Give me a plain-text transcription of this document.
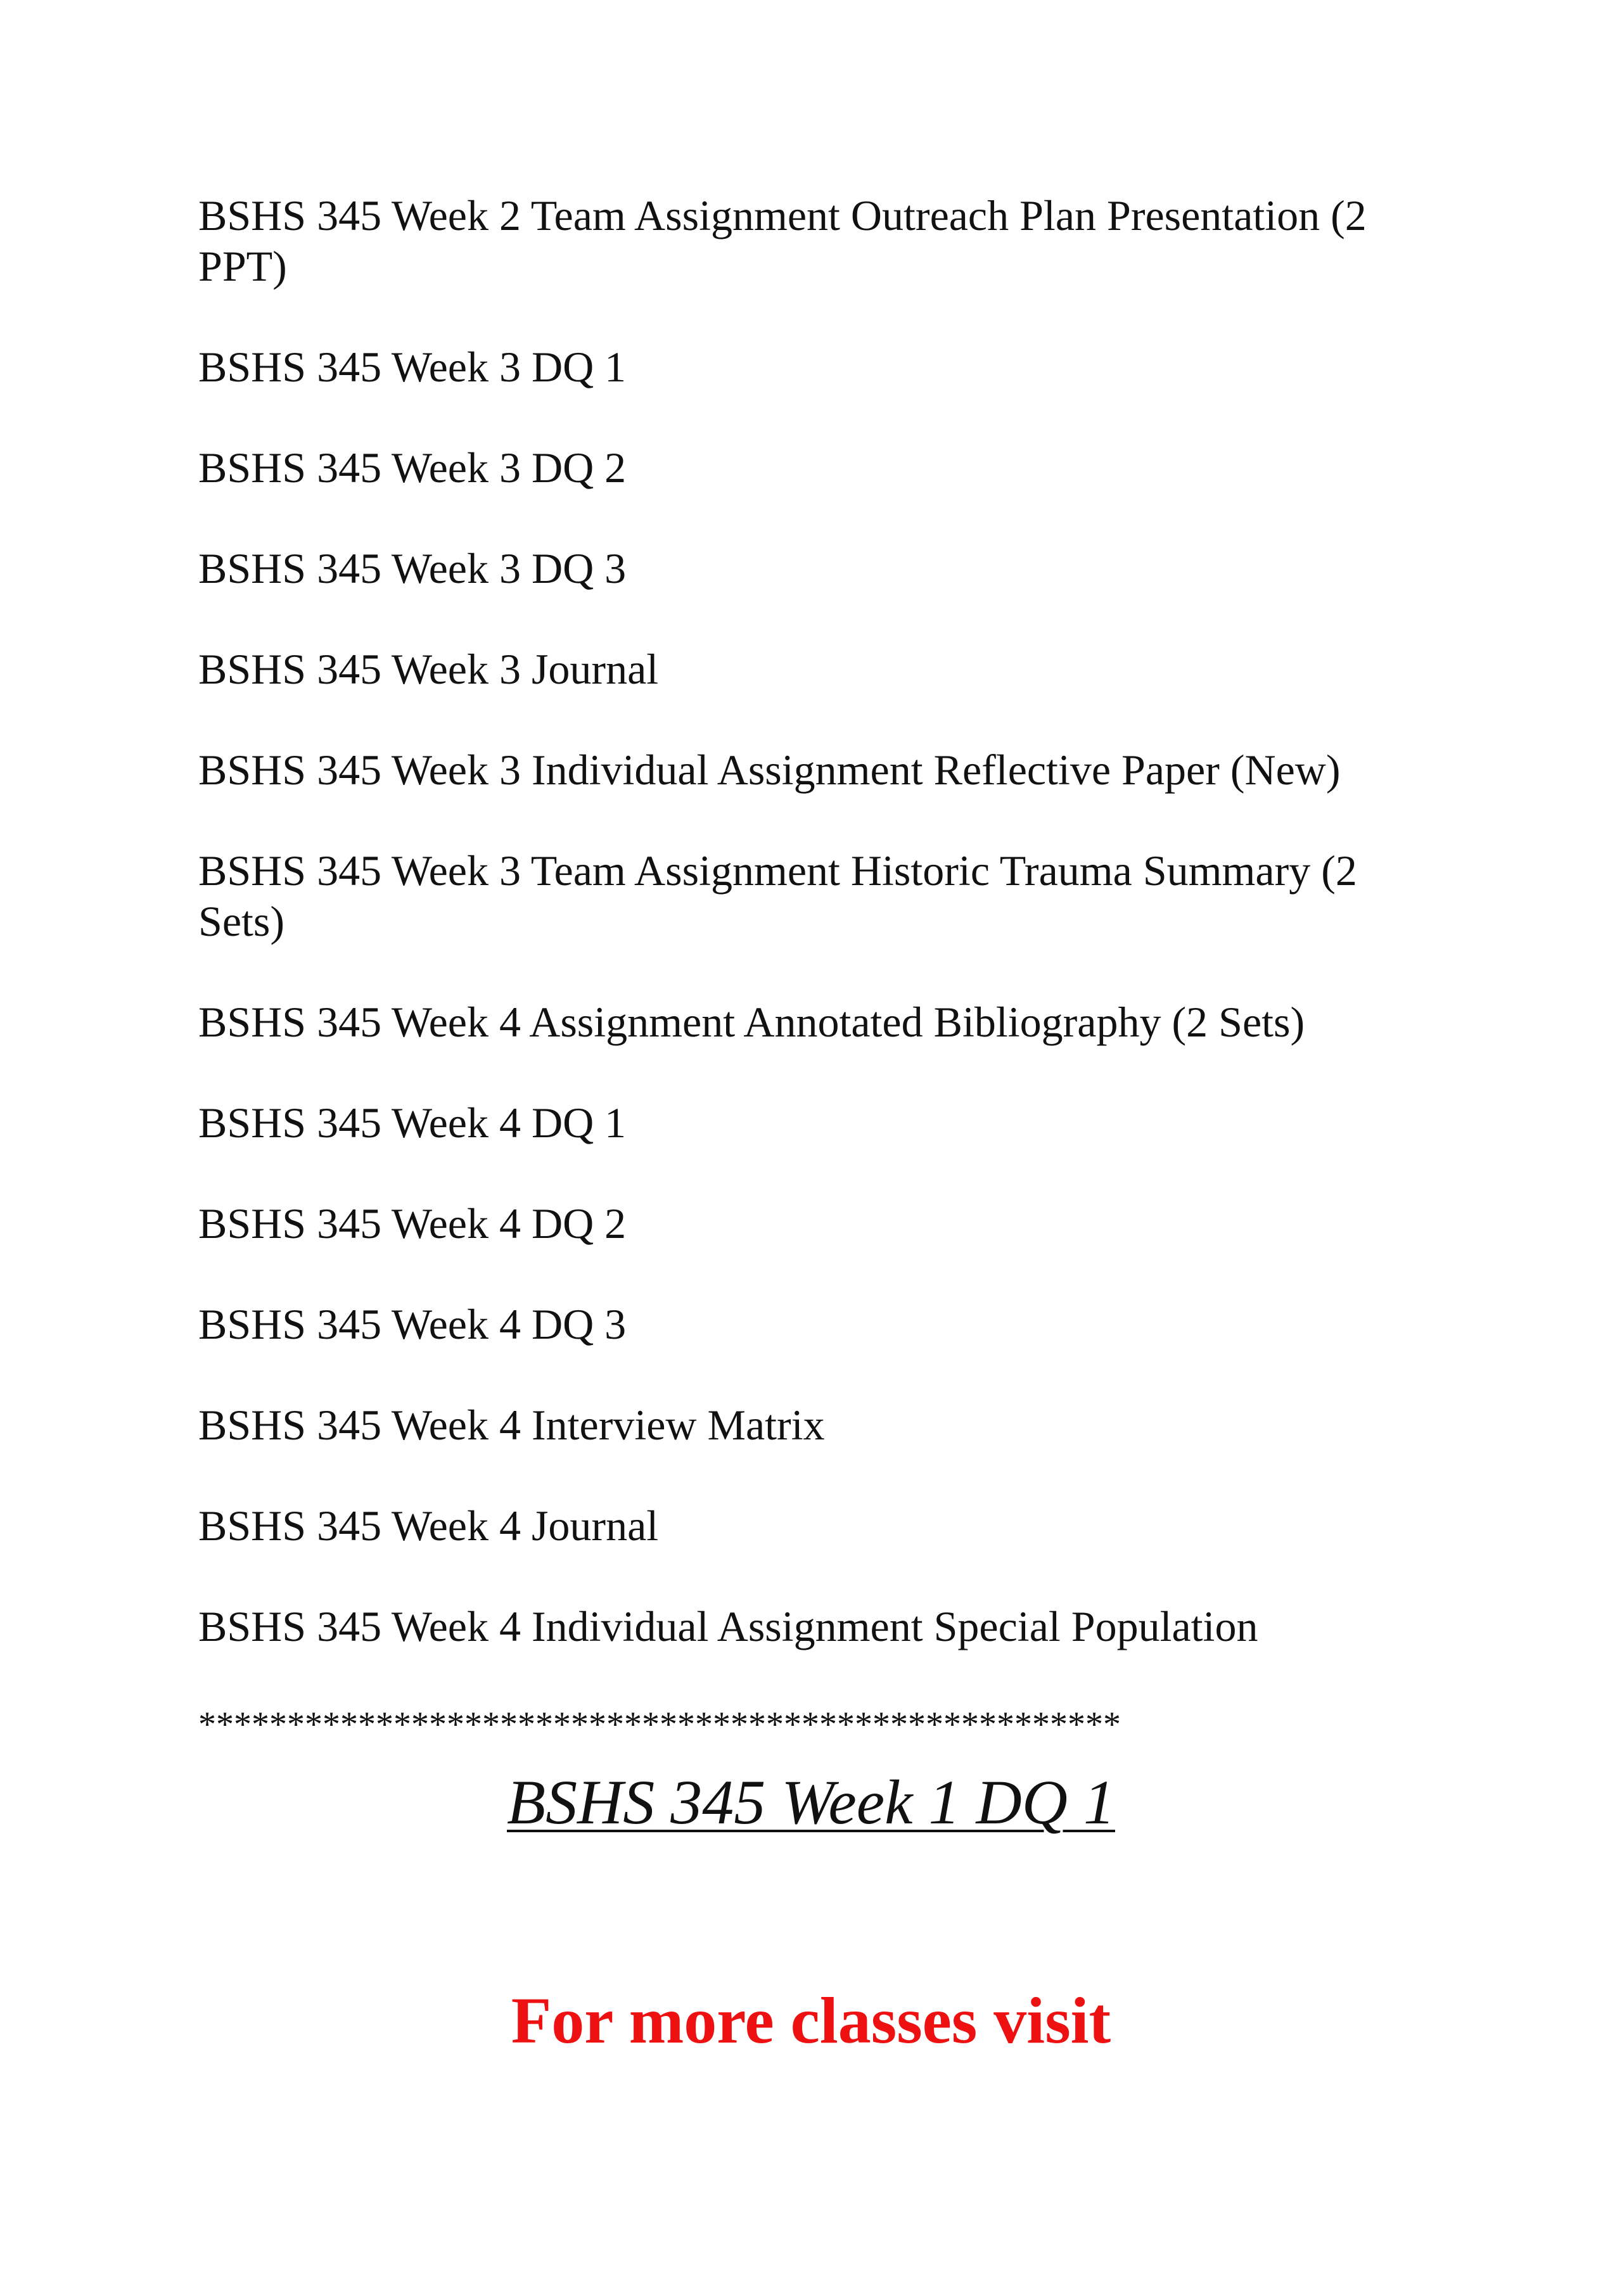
BSHS 345 Week 2 Team Assignment Outreach Plan Presentation (2 PPT)

BSHS 345 Week 3 DQ 1

BSHS 345 Week 3 DQ 2

BSHS 345 Week 3 DQ 3

BSHS 345 Week 3 Journal

BSHS 345 Week 3 Individual Assignment Reflective Paper (New)

BSHS 345 Week 3 Team Assignment Historic Trauma Summary (2 Sets)

BSHS 345 Week 4 Assignment Annotated Bibliography (2 Sets)

BSHS 345 Week 4 DQ 1

BSHS 345 Week 4 DQ 2

BSHS 345 Week 4 DQ 3

BSHS 345 Week 4 Interview Matrix

BSHS 345 Week 4 Journal

BSHS 345 Week 4 Individual Assignment Special Population

****************************************************
BSHS 345 Week 1 DQ 1
For more classes visit
